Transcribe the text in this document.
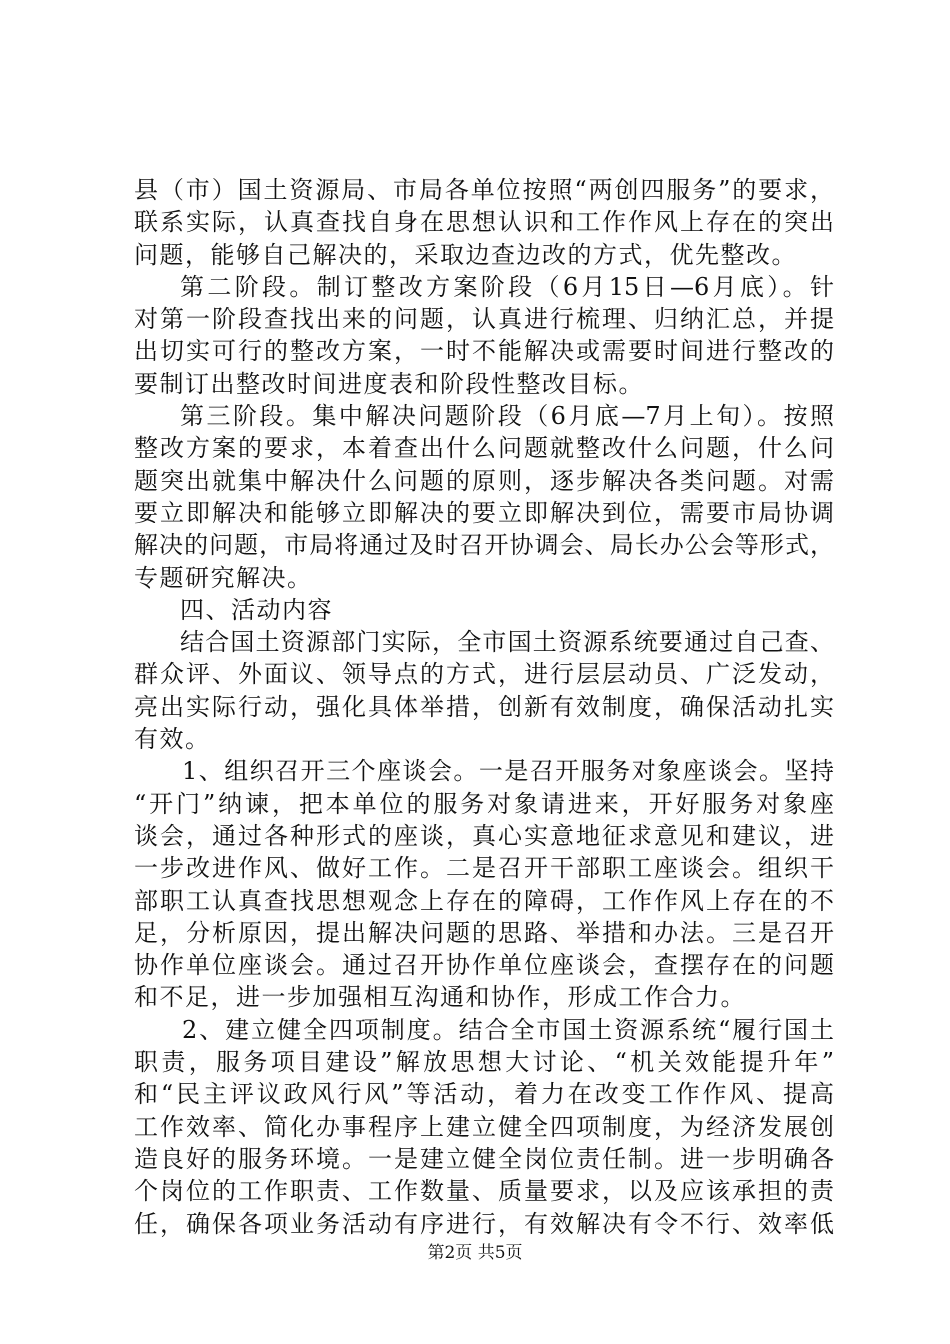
县（市）国土资源局、市局各单位按照“两创四服务”的要求，
联系实际，认真查找自身在思想认识和工作作风上存在的突出
问题，能够自己解决的，采取边查边改的方式，优先整改。
第二阶段。制订整改方案阶段（6月15日—6月底）。针
对第一阶段查找出来的问题，认真进行梳理、归纳汇总，并提
出切实可行的整改方案，一时不能解决或需要时间进行整改的
要制订出整改时间进度表和阶段性整改目标。
第三阶段。集中解决问题阶段（6月底—7月上旬）。按照
整改方案的要求，本着查出什么问题就整改什么问题，什么问
题突出就集中解决什么问题的原则，逐步解决各类问题。对需
要立即解决和能够立即解决的要立即解决到位，需要市局协调
解决的问题，市局将通过及时召开协调会、局长办公会等形式，
专题研究解决。
四、活动内容
结合国土资源部门实际，全市国土资源系统要通过自己查、
群众评、外面议、领导点的方式，进行层层动员、广泛发动，
亮出实际行动，强化具体举措，创新有效制度，确保活动扎实
有效。
1、组织召开三个座谈会。一是召开服务对象座谈会。坚持
“开门”纳谏，把本单位的服务对象请进来，开好服务对象座
谈会，通过各种形式的座谈，真心实意地征求意见和建议，进
一步改进作风、做好工作。二是召开干部职工座谈会。组织干
部职工认真查找思想观念上存在的障碍，工作作风上存在的不
足，分析原因，提出解决问题的思路、举措和办法。三是召开
协作单位座谈会。通过召开协作单位座谈会，查摆存在的问题
和不足，进一步加强相互沟通和协作，形成工作合力。
2、建立健全四项制度。结合全市国土资源系统“履行国土
职责，服务项目建设”解放思想大讨论、“机关效能提升年”
和“民主评议政风行风”等活动，着力在改变工作作风、提高
工作效率、简化办事程序上建立健全四项制度，为经济发展创
造良好的服务环境。一是建立健全岗位责任制。进一步明确各
个岗位的工作职责、工作数量、质量要求，以及应该承担的责
任，确保各项业务活动有序进行，有效解决有令不行、效率低
第2页 共5页
